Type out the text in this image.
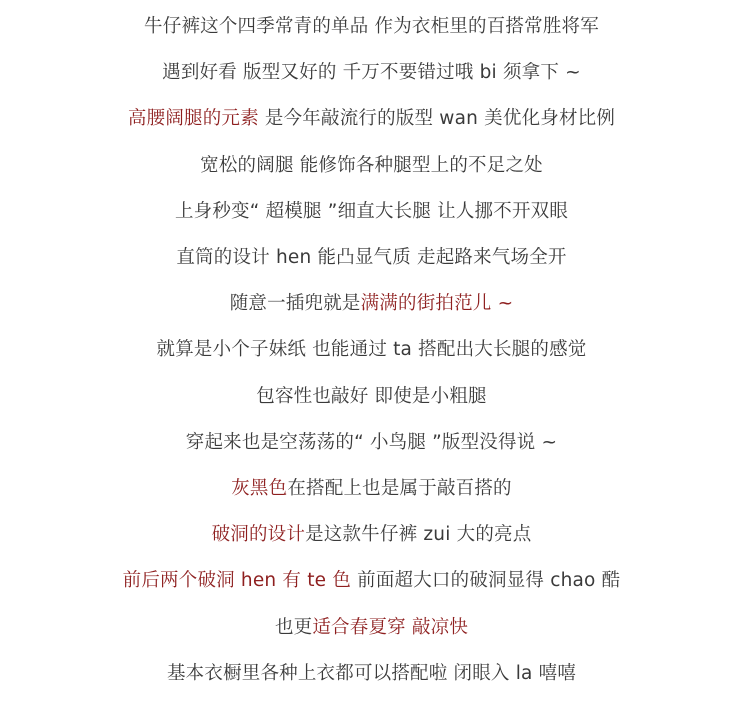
牛仔裤这个四季常青的单品 作为衣柜里的百搭常胜将军
遇到好看 版型又好的 千万不要错过哦 bi 须拿下 ~
高腰阔腿的元素 是今年敲流行的版型 wan 美优化身材比例
宽松的阔腿 能修饰各种腿型上的不足之处
上身秒变“ 超模腿 ”细直大长腿 让人挪不开双眼
直筒的设计 hen 能凸显气质 走起路来气场全开
随意一插兜就是满满的街拍范儿 ~
就算是小个子妹纸 也能通过 ta 搭配出大长腿的感觉
包容性也敲好 即使是小粗腿
穿起来也是空荡荡的“ 小鸟腿 ”版型没得说 ~
灰黑色在搭配上也是属于敲百搭的
破洞的设计是这款牛仔裤 zui 大的亮点
前后两个破洞 hen 有 te 色 前面超大口的破洞显得 chao 酷
也更适合春夏穿 敲凉快
基本衣橱里各种上衣都可以搭配啦 闭眼入 la 嘻嘻
